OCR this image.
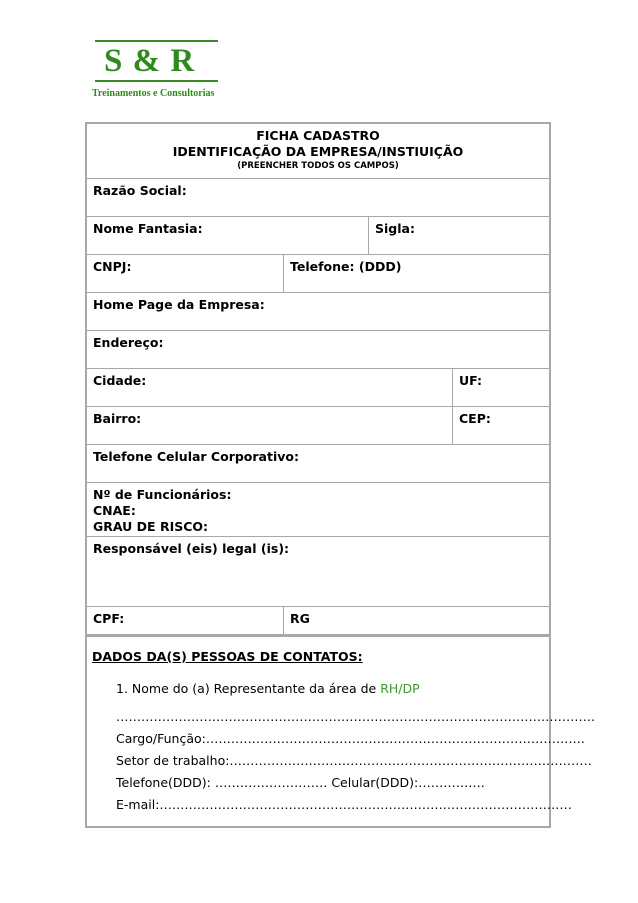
S & R
Treinamentos e Consultorias
FICHA CADASTRO
IDENTIFICAÇÃO DA EMPRESA/INSTIUIÇÃO
(PREENCHER TODOS OS CAMPOS)
Razão Social:
Nome Fantasia:	Sigla:
CNPJ:	Telefone: (DDD)
Home Page da Empresa:
Endereço:
Cidade:	UF:
Bairro:	CEP:
Telefone Celular Corporativo:
Nº de Funcionários:
CNAE:
GRAU DE RISCO:
Responsável (eis) legal (is):
CPF:	RG
DADOS DA(S) PESSOAS DE CONTATOS:
1. Nome do (a) Representante da área de RH/DP
…………………………………………………………………………………………………….
Cargo/Função:……………………………………………………………………………….
Setor de trabalho:……………………………………………………………………………
Telefone(DDD): ……………………… Celular(DDD):…………….
E-mail:………………………………………………………………………………………
